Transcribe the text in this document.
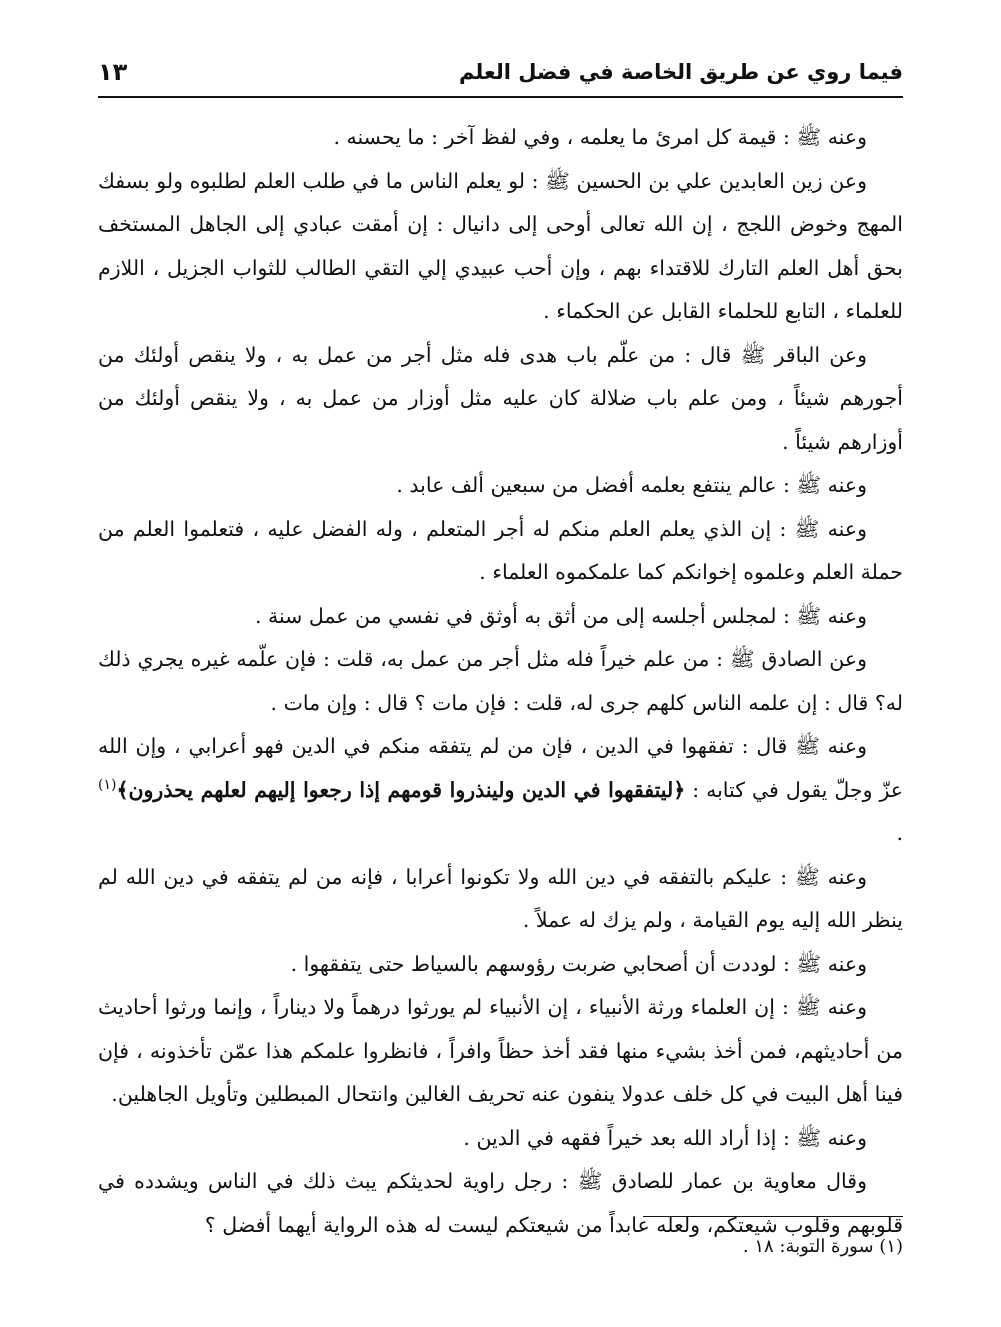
فيما روي عن طريق الخاصة في فضل العلم
١٣

وعنه ﷺ : قيمة كل امرئ ما يعلمه ، وفي لفظ آخر : ما يحسنه .

وعن زين العابدين علي بن الحسين ﷺ : لو يعلم الناس ما في طلب العلم لطلبوه ولو بسفك المهج وخوض اللجج ، إن الله تعالى أوحى إلى دانيال : إن أمقت عبادي إلى الجاهل المستخف بحق أهل العلم التارك للاقتداء بهم ، وإن أحب عبيدي إلي التقي الطالب للثواب الجزيل ، اللازم للعلماء ، التابع للحلماء القابل عن الحكماء .

وعن الباقر ﷺ قال : من علّم باب هدى فله مثل أجر من عمل به ، ولا ينقص أولئك من أجورهم شيئاً ، ومن علم باب ضلالة كان عليه مثل أوزار من عمل به ، ولا ينقص أولئك من أوزارهم شيئاً .

وعنه ﷺ : عالم ينتفع بعلمه أفضل من سبعين ألف عابد .

وعنه ﷺ : إن الذي يعلم العلم منكم له أجر المتعلم ، وله الفضل عليه ، فتعلموا العلم من حملة العلم وعلموه إخوانكم كما علمكموه العلماء .

وعنه ﷺ : لمجلس أجلسه إلى من أثق به أوثق في نفسي من عمل سنة .

وعن الصادق ﷺ : من علم خيراً فله مثل أجر من عمل به، قلت : فإن علّمه غيره يجري ذلك له؟ قال : إن علمه الناس كلهم جرى له، قلت : فإن مات ؟ قال : وإن مات .

وعنه ﷺ قال : تفقهوا في الدين ، فإن من لم يتفقه منكم في الدين فهو أعرابي ، وإن الله عزّ وجلّ يقول في كتابه : ﴿ليتفقهوا في الدين ولينذروا قومهم إذا رجعوا إليهم لعلهم يحذرون﴾$^{(١)}$ .

وعنه ﷺ : عليكم بالتفقه في دين الله ولا تكونوا أعرابا ، فإنه من لم يتفقه في دين الله لم ينظر الله إليه يوم القيامة ، ولم يزك له عملاً .

وعنه ﷺ : لوددت أن أصحابي ضربت رؤوسهم بالسياط حتى يتفقهوا .

وعنه ﷺ : إن العلماء ورثة الأنبياء ، إن الأنبياء لم يورثوا درهماً ولا ديناراً ، وإنما ورثوا أحاديث من أحاديثهم، فمن أخذ بشيء منها فقد أخذ حظاً وافراً ، فانظروا علمكم هذا عمّن تأخذونه ، فإن فينا أهل البيت في كل خلف عدولا ينفون عنه تحريف الغالين وانتحال المبطلين وتأويل الجاهلين.

وعنه ﷺ : إذا أراد الله بعد خيراً فقهه في الدين .

وقال معاوية بن عمار للصادق ﷺ : رجل راوية لحديثكم يبث ذلك في الناس ويشدده في قلوبهم وقلوب شيعتكم، ولعله عابداً من شيعتكم ليست له هذه الرواية أيهما أفضل ؟

(١) سورة التوبة: ١٨ .
